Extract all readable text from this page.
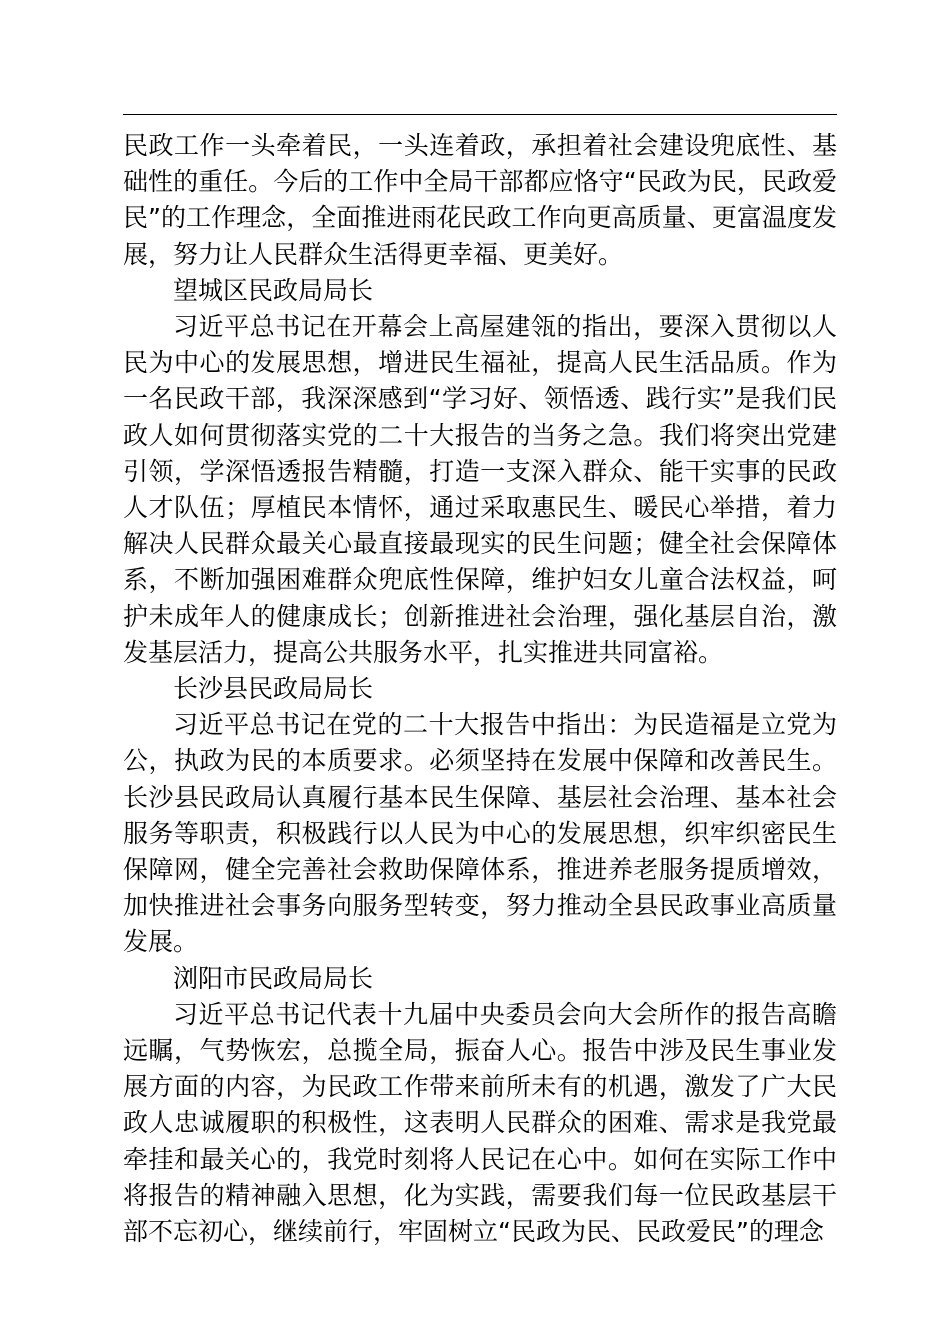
民政工作一头牵着民，一头连着政，承担着社会建设兜底性、基础性的重任。今后的工作中全局干部都应恪守“民政为民，民政爱民”的工作理念，全面推进雨花民政工作向更高质量、更富温度发展，努力让人民群众生活得更幸福、更美好。

望城区民政局局长

习近平总书记在开幕会上高屋建瓴的指出，要深入贯彻以人民为中心的发展思想，增进民生福祉，提高人民生活品质。作为一名民政干部，我深深感到“学习好、领悟透、践行实”是我们民政人如何贯彻落实党的二十大报告的当务之急。我们将突出党建引领，学深悟透报告精髓，打造一支深入群众、能干实事的民政人才队伍；厚植民本情怀，通过采取惠民生、暖民心举措，着力解决人民群众最关心最直接最现实的民生问题；健全社会保障体系，不断加强困难群众兜底性保障，维护妇女儿童合法权益，呵护未成年人的健康成长；创新推进社会治理，强化基层自治，激发基层活力，提高公共服务水平，扎实推进共同富裕。

长沙县民政局局长

习近平总书记在党的二十大报告中指出：为民造福是立党为公，执政为民的本质要求。必须坚持在发展中保障和改善民生。长沙县民政局认真履行基本民生保障、基层社会治理、基本社会服务等职责，积极践行以人民为中心的发展思想，织牢织密民生保障网，健全完善社会救助保障体系，推进养老服务提质增效，加快推进社会事务向服务型转变，努力推动全县民政事业高质量发展。

浏阳市民政局局长

习近平总书记代表十九届中央委员会向大会所作的报告高瞻远瞩，气势恢宏，总揽全局，振奋人心。报告中涉及民生事业发展方面的内容，为民政工作带来前所未有的机遇，激发了广大民政人忠诚履职的积极性，这表明人民群众的困难、需求是我党最牵挂和最关心的，我党时刻将人民记在心中。如何在实际工作中将报告的精神融入思想，化为实践，需要我们每一位民政基层干部不忘初心，继续前行，牢固树立“民政为民、民政爱民”的理念
